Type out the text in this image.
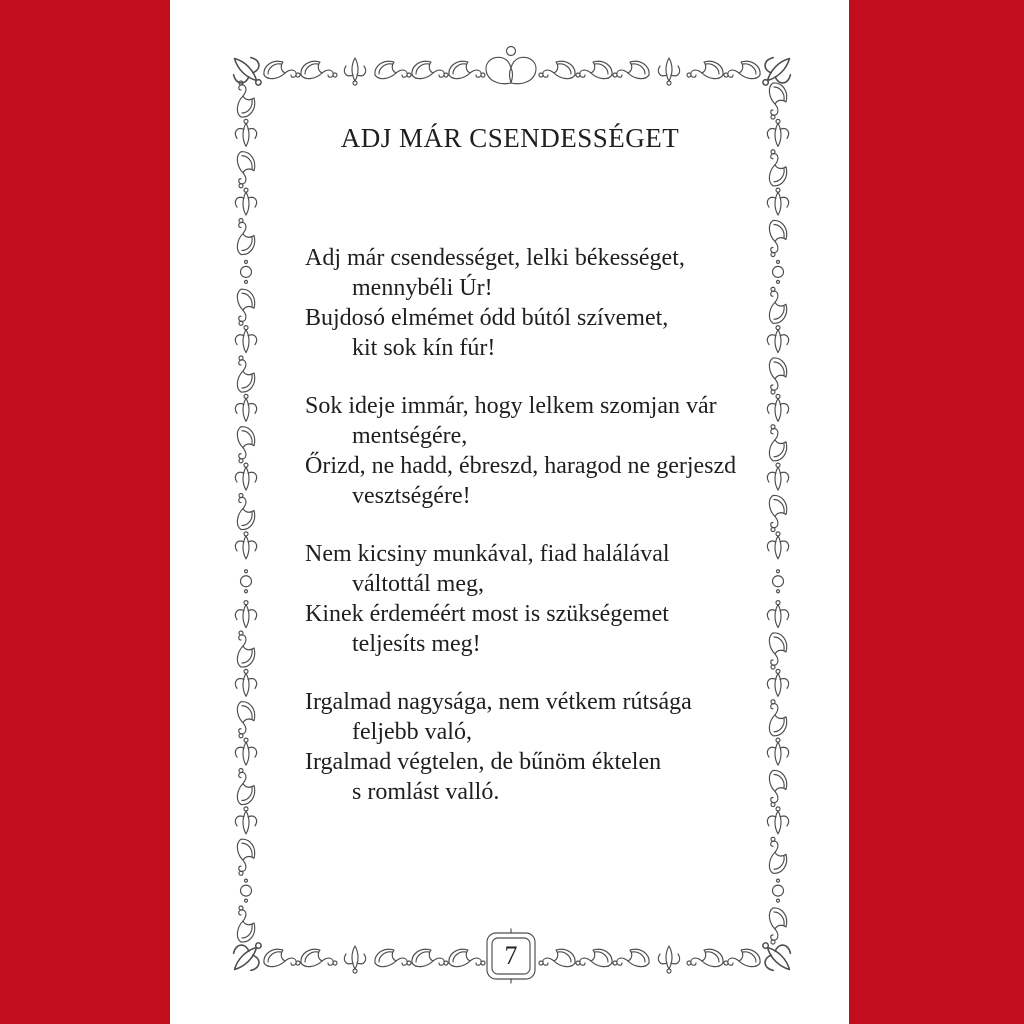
ADJ MÁR CSENDESSÉGET
Adj már csendességet, lelki békességet,
mennybéli Úr!
Bujdosó elmémet ódd bútól szívemet,
kit sok kín fúr!
Sok ideje immár, hogy lelkem szomjan vár
mentségére,
Őrizd, ne hadd, ébreszd, haragod ne gerjeszd
vesztségére!
Nem kicsiny munkával, fiad halálával
váltottál meg,
Kinek érdeméért most is szükségemet
teljesíts meg!
Irgalmad nagysága, nem vétkem rútsága
feljebb való,
Irgalmad végtelen, de bűnöm éktelen
s romlást valló.
7
